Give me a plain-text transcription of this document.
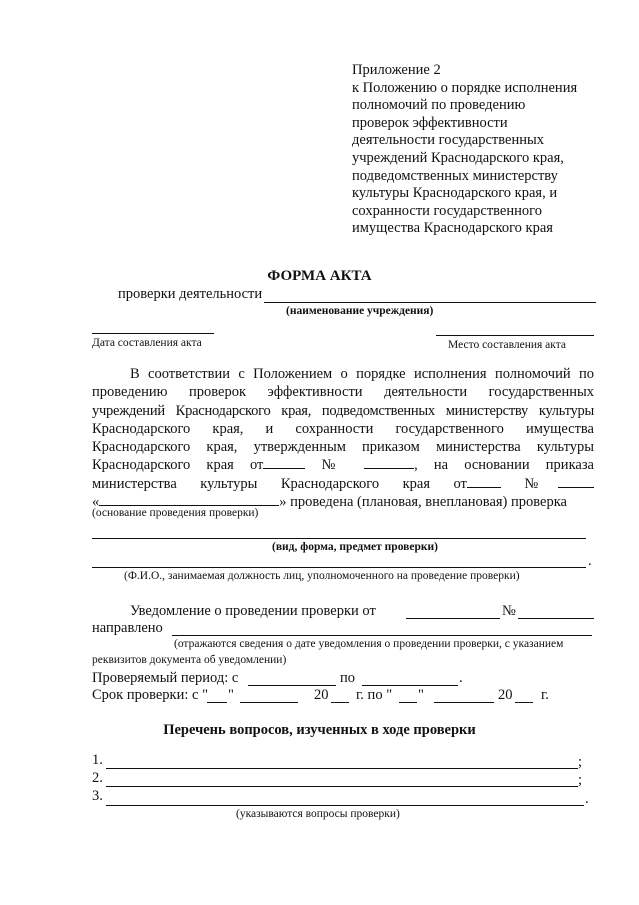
Приложение 2
к Положению о порядке исполнения
полномочий по проведению
проверок эффективности
деятельности государственных
учреждений Краснодарского края,
подведомственных министерству
культуры Краснодарского края, и
сохранности государственного
имущества Краснодарского края
ФОРМА АКТА
проверки деятельности
(наименование учреждения)
Дата составления акта	Место составления акта
В соответствии с Положением о порядке исполнения полномочий по
проведению проверок эффективности деятельности государственных
учреждений Краснодарского края, подведомственных министерству культуры
Краснодарского края, и сохранности государственного имущества
Краснодарского края, утвержденным приказом министерства культуры
Краснодарского края от	№	, на основании приказа
министерства культуры Краснодарского края от	№
«	» проведена (плановая, внеплановая) проверка
(основание проведения проверки)
(вид, форма, предмет проверки)
.
(Ф.И.О., занимаемая должность лиц, уполномоченного на проведение проверки)
Уведомление о проведении проверки от	№
направлено
(отражаются сведения о дате уведомления о проведении проверки, с указанием
реквизитов документа об уведомлении)
Проверяемый период: с	по	.
Срок проверки: с " "	20 г. по " "	20 г.
Перечень вопросов, изученных в ходе проверки
1.	;
2.	;
3.	.
(указываются вопросы проверки)
